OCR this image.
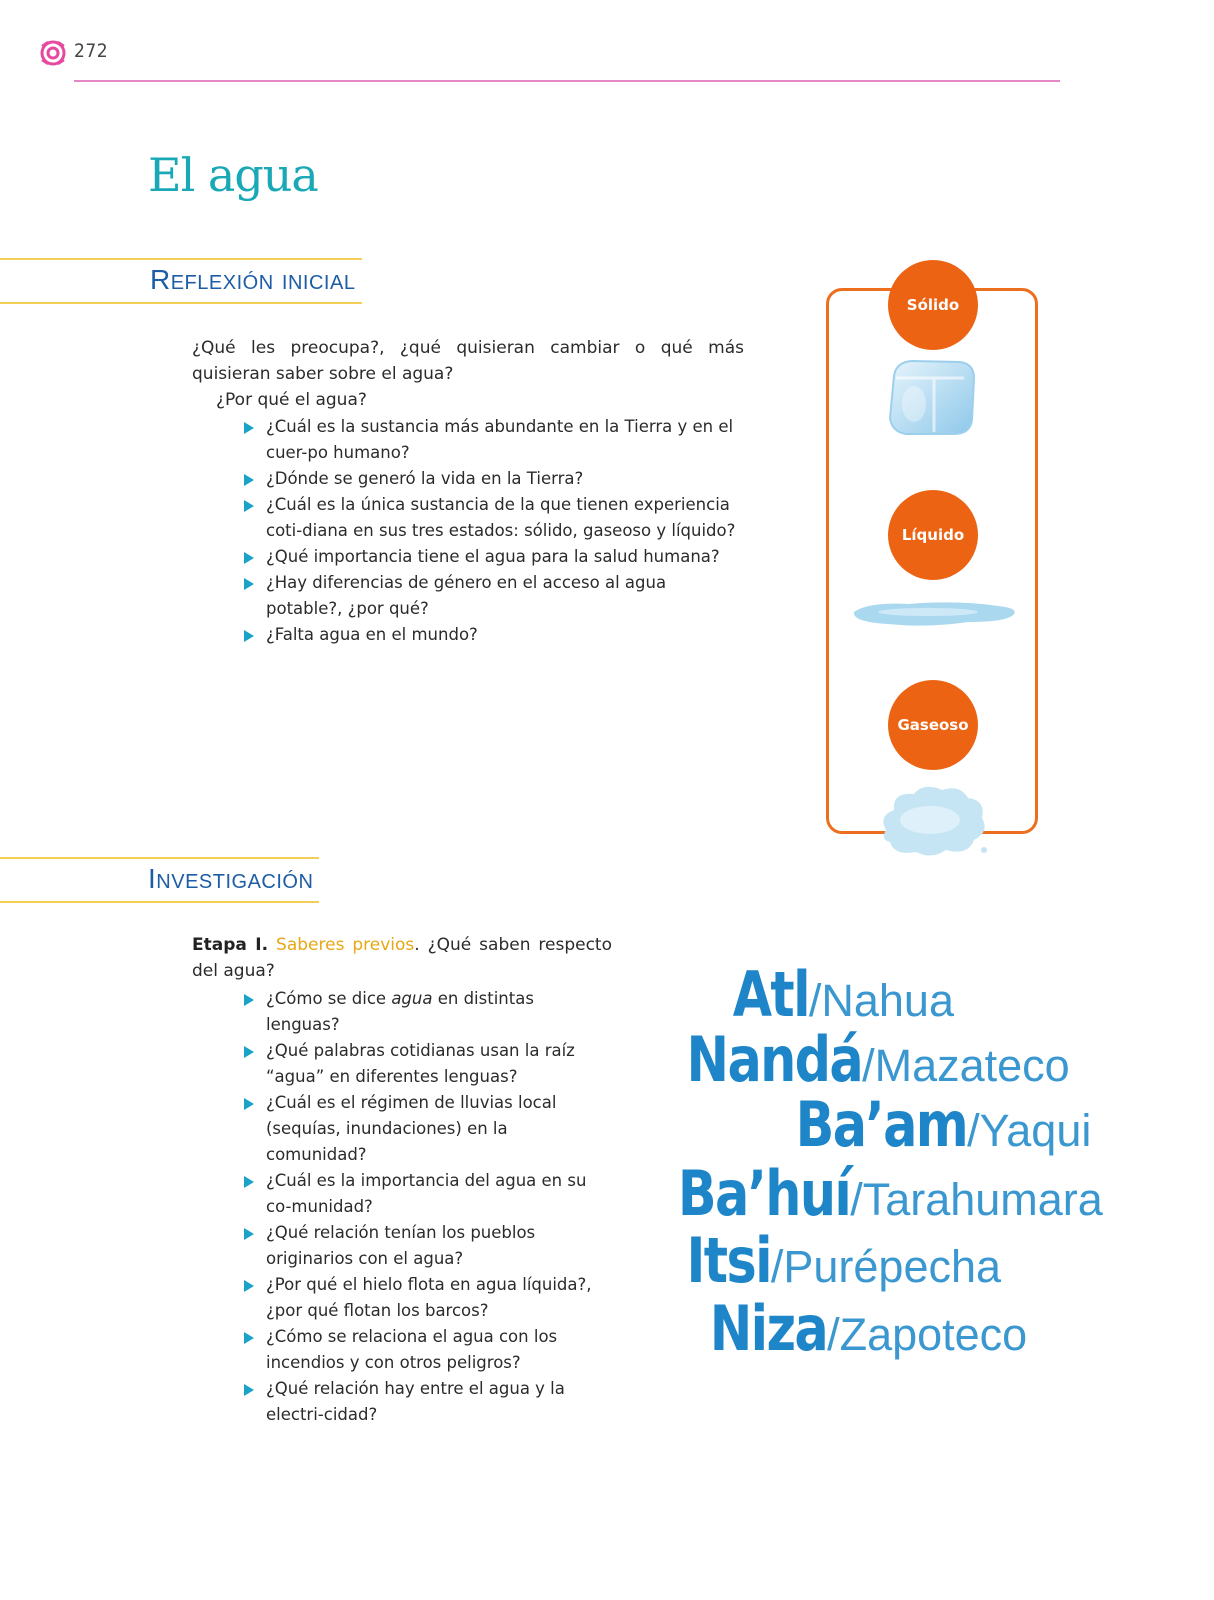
272
El agua
Reflexión inicial
¿Qué les preocupa?, ¿qué quisieran cambiar o qué más quisieran saber sobre el agua?
¿Por qué el agua?
¿Cuál es la sustancia más abundante en la Tierra y en el cuer-po humano?
¿Dónde se generó la vida en la Tierra?
¿Cuál es la única sustancia de la que tienen experiencia coti-diana en sus tres estados: sólido, gaseoso y líquido?
¿Qué importancia tiene el agua para la salud humana?
¿Hay diferencias de género en el acceso al agua potable?, ¿por qué?
¿Falta agua en el mundo?
Sólido
Líquido
Gaseoso
Investigación
Etapa I. Saberes previos. ¿Qué saben respecto del agua?
¿Cómo se dice agua en distintas lenguas?
¿Qué palabras cotidianas usan la raíz “agua” en diferentes lenguas?
¿Cuál es el régimen de lluvias local (sequías, inundaciones) en la comunidad?
¿Cuál es la importancia del agua en su co-munidad?
¿Qué relación tenían los pueblos originarios con el agua?
¿Por qué el hielo flota en agua líquida?, ¿por qué flotan los barcos?
¿Cómo se relaciona el agua con los incendios y con otros peligros?
¿Qué relación hay entre el agua y la electri-cidad?
Atl/Nahua
Nandá/Mazateco
Ba’am/Yaqui
Ba’huí/Tarahumara
Itsi/Purépecha
Niza/Zapoteco
